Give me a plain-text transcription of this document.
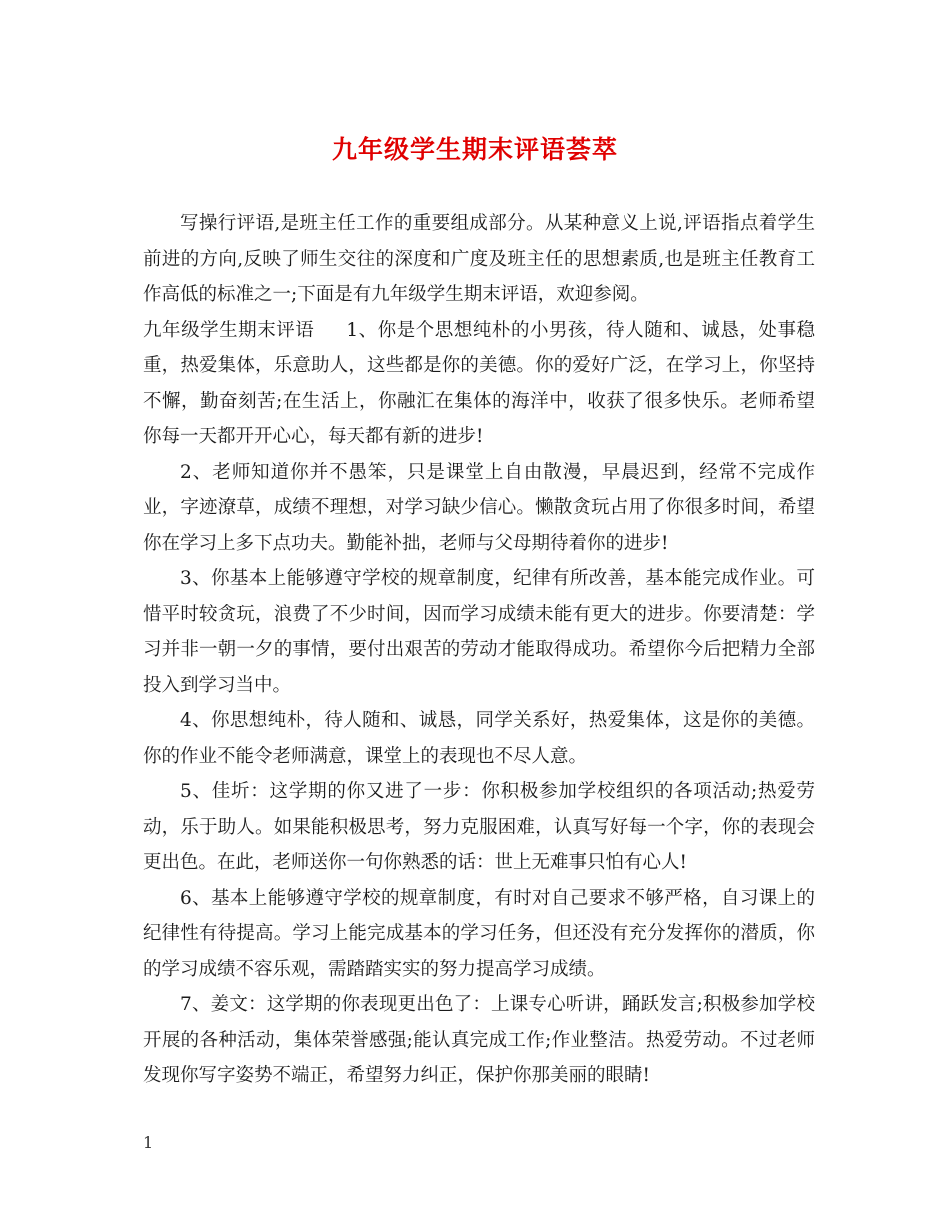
九年级学生期末评语荟萃

写操行评语,是班主任工作的重要组成部分。从某种意义上说,评语指点着学生前进的方向,反映了师生交往的深度和广度及班主任的思想素质,也是班主任教育工作高低的标准之一;下面是有九年级学生期末评语，欢迎参阅。

九年级学生期末评语 1、你是个思想纯朴的小男孩，待人随和、诚恳，处事稳重，热爱集体，乐意助人，这些都是你的美德。你的爱好广泛，在学习上，你坚持不懈，勤奋刻苦;在生活上，你融汇在集体的海洋中，收获了很多快乐。老师希望你每一天都开开心心，每天都有新的进步!

2、老师知道你并不愚笨，只是课堂上自由散漫，早晨迟到，经常不完成作业，字迹潦草，成绩不理想，对学习缺少信心。懒散贪玩占用了你很多时间，希望你在学习上多下点功夫。勤能补拙，老师与父母期待着你的进步!

3、你基本上能够遵守学校的规章制度，纪律有所改善，基本能完成作业。可惜平时较贪玩，浪费了不少时间，因而学习成绩未能有更大的进步。你要清楚：学习并非一朝一夕的事情，要付出艰苦的劳动才能取得成功。希望你今后把精力全部投入到学习当中。

4、你思想纯朴，待人随和、诚恳，同学关系好，热爱集体，这是你的美德。你的作业不能令老师满意，课堂上的表现也不尽人意。

5、佳圻：这学期的你又进了一步：你积极参加学校组织的各项活动;热爱劳动，乐于助人。如果能积极思考，努力克服困难，认真写好每一个字，你的表现会更出色。在此，老师送你一句你熟悉的话：世上无难事只怕有心人!

6、基本上能够遵守学校的规章制度，有时对自己要求不够严格，自习课上的纪律性有待提高。学习上能完成基本的学习任务，但还没有充分发挥你的潜质，你的学习成绩不容乐观，需踏踏实实的努力提高学习成绩。

7、姜文：这学期的你表现更出色了：上课专心听讲，踊跃发言;积极参加学校开展的各种活动，集体荣誉感强;能认真完成工作;作业整洁。热爱劳动。不过老师发现你写字姿势不端正，希望努力纠正，保护你那美丽的眼睛!

1
